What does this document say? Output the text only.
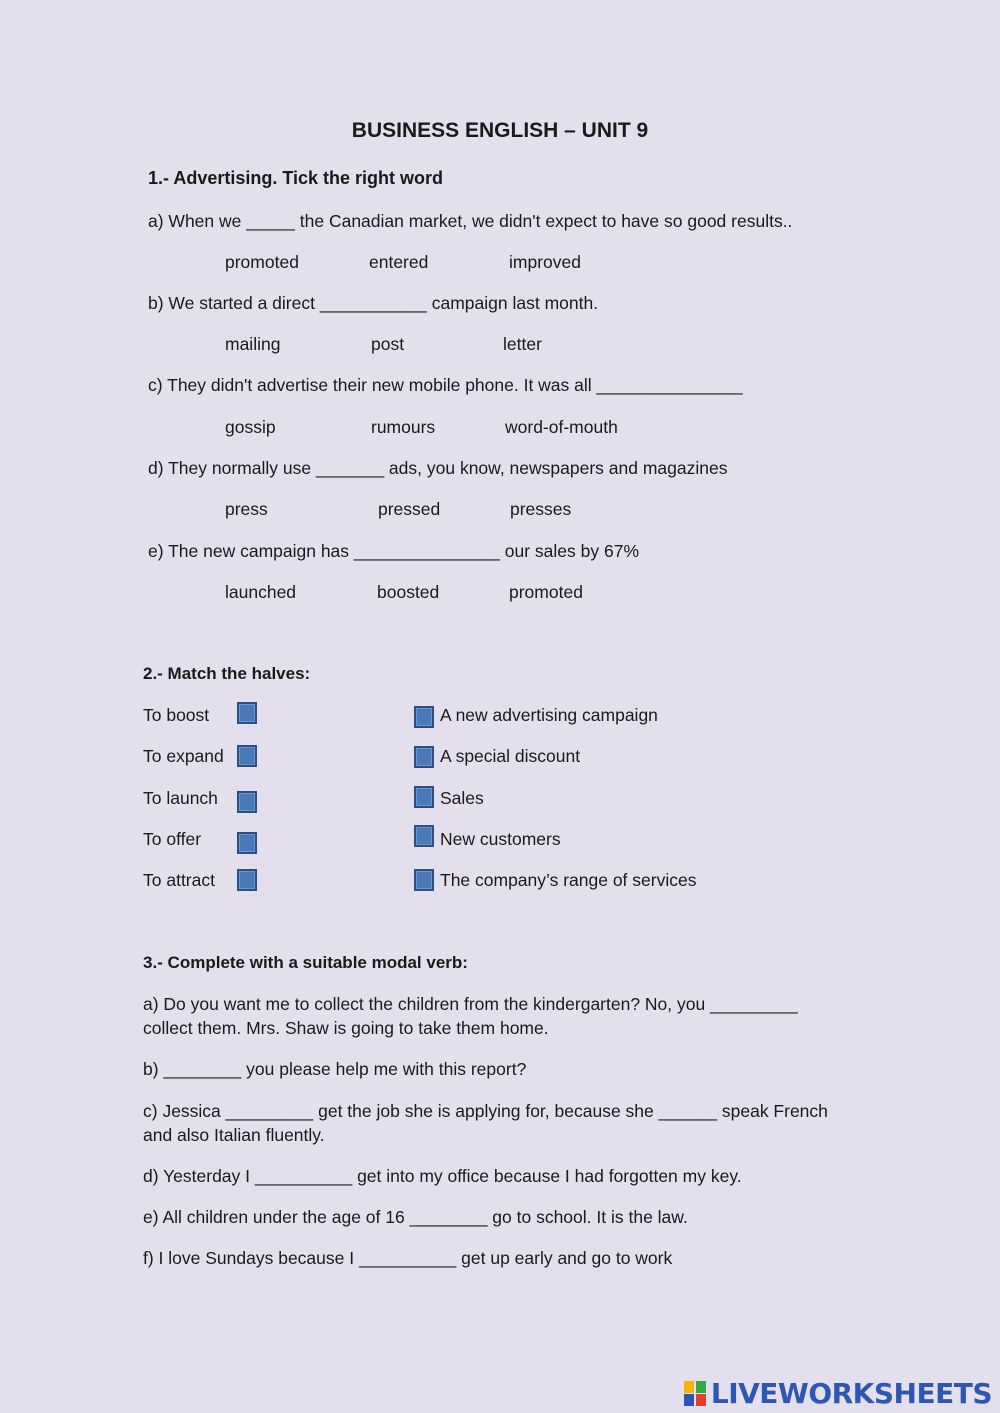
BUSINESS ENGLISH – UNIT 9
1.- Advertising. Tick the right word
a) When we _____ the Canadian market, we didn't expect to have so good results..
promoted	entered	improved
b) We started a direct ___________ campaign last month.
mailing	post	letter
c) They didn't advertise their new mobile phone. It was all _______________
gossip	rumours	word-of-mouth
d) They normally use _______ ads, you know, newspapers and magazines
press	pressed	presses
e) The new campaign has _______________ our sales by 67%
launched	boosted	promoted
2.- Match the halves:
To boost	A new advertising campaign
To expand	A special discount
To launch	Sales
To offer	New customers
To attract	The company’s range of services
3.- Complete with a suitable modal verb:
a) Do you want me to collect the children from the kindergarten? No, you _________ collect them. Mrs. Shaw is going to take them home.
b) ________ you please help me with this report?
c) Jessica _________ get the job she is applying for, because she ______ speak French and also Italian fluently.
d) Yesterday I __________ get into my office because I had forgotten my key.
e) All children under the age of 16 ________ go to school. It is the law.
f) I love Sundays because I __________ get up early and go to work
LIVEWORKSHEETS
